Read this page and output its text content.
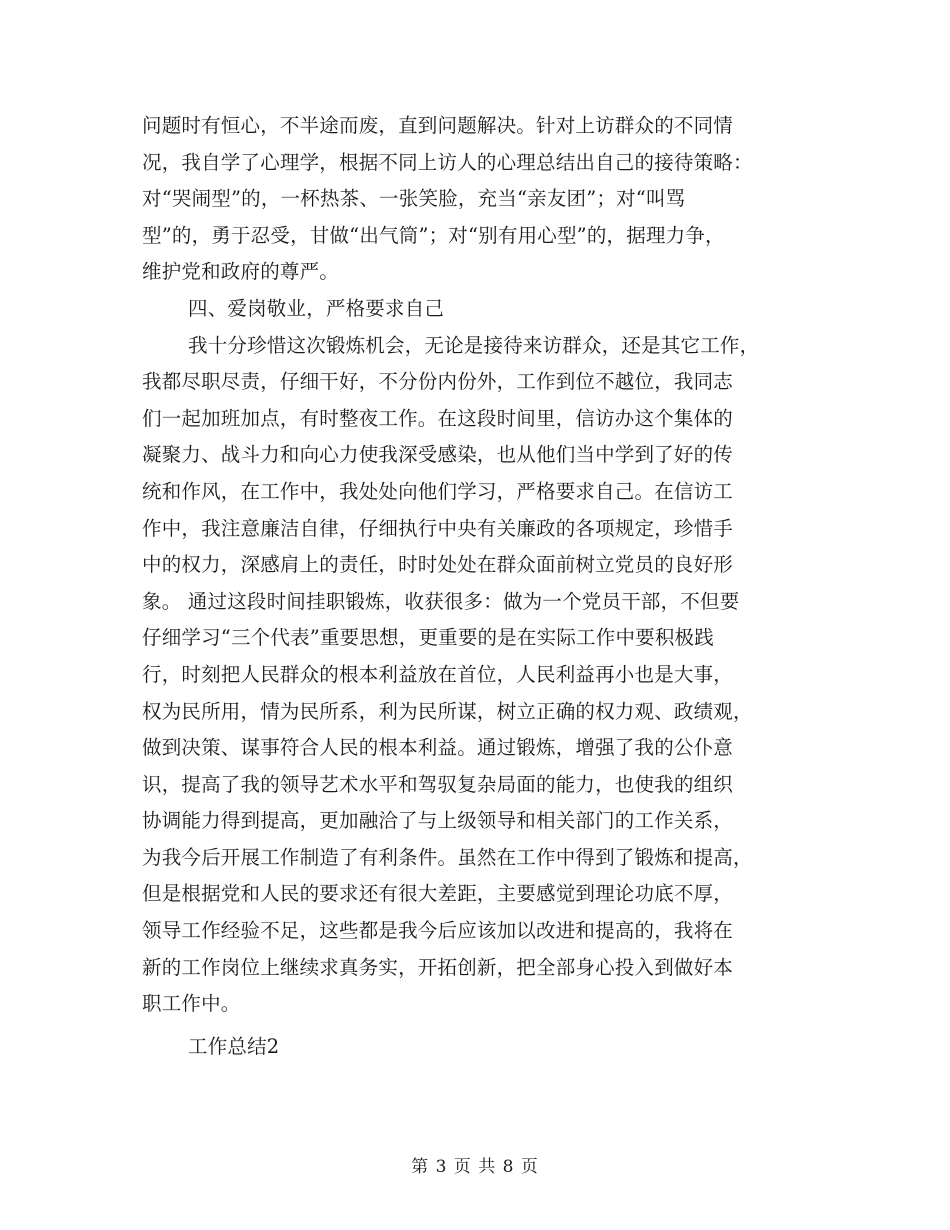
问题时有恒心，不半途而废，直到问题解决。针对上访群众的不同情
况，我自学了心理学，根据不同上访人的心理总结出自己的接待策略：
对“哭闹型”的，一杯热茶、一张笑脸，充当“亲友团”；对“叫骂
型”的，勇于忍受，甘做“出气筒”；对“别有用心型”的，据理力争，
维护党和政府的尊严。
四、爱岗敬业，严格要求自己
我十分珍惜这次锻炼机会，无论是接待来访群众，还是其它工作，
我都尽职尽责，仔细干好，不分份内份外，工作到位不越位，我同志
们一起加班加点，有时整夜工作。在这段时间里，信访办这个集体的
凝聚力、战斗力和向心力使我深受感染，也从他们当中学到了好的传
统和作风，在工作中，我处处向他们学习，严格要求自己。在信访工
作中，我注意廉洁自律，仔细执行中央有关廉政的各项规定，珍惜手
中的权力，深感肩上的责任，时时处处在群众面前树立党员的良好形
象。 通过这段时间挂职锻炼，收获很多：做为一个党员干部，不但要
仔细学习“三个代表”重要思想，更重要的是在实际工作中要积极践
行，时刻把人民群众的根本利益放在首位，人民利益再小也是大事，
权为民所用，情为民所系，利为民所谋，树立正确的权力观、政绩观，
做到决策、谋事符合人民的根本利益。通过锻炼，增强了我的公仆意
识，提高了我的领导艺术水平和驾驭复杂局面的能力，也使我的组织
协调能力得到提高，更加融洽了与上级领导和相关部门的工作关系，
为我今后开展工作制造了有利条件。虽然在工作中得到了锻炼和提高，
但是根据党和人民的要求还有很大差距，主要感觉到理论功底不厚，
领导工作经验不足，这些都是我今后应该加以改进和提高的，我将在
新的工作岗位上继续求真务实，开拓创新，把全部身心投入到做好本
职工作中。
工作总结2
第 3 页 共 8 页
